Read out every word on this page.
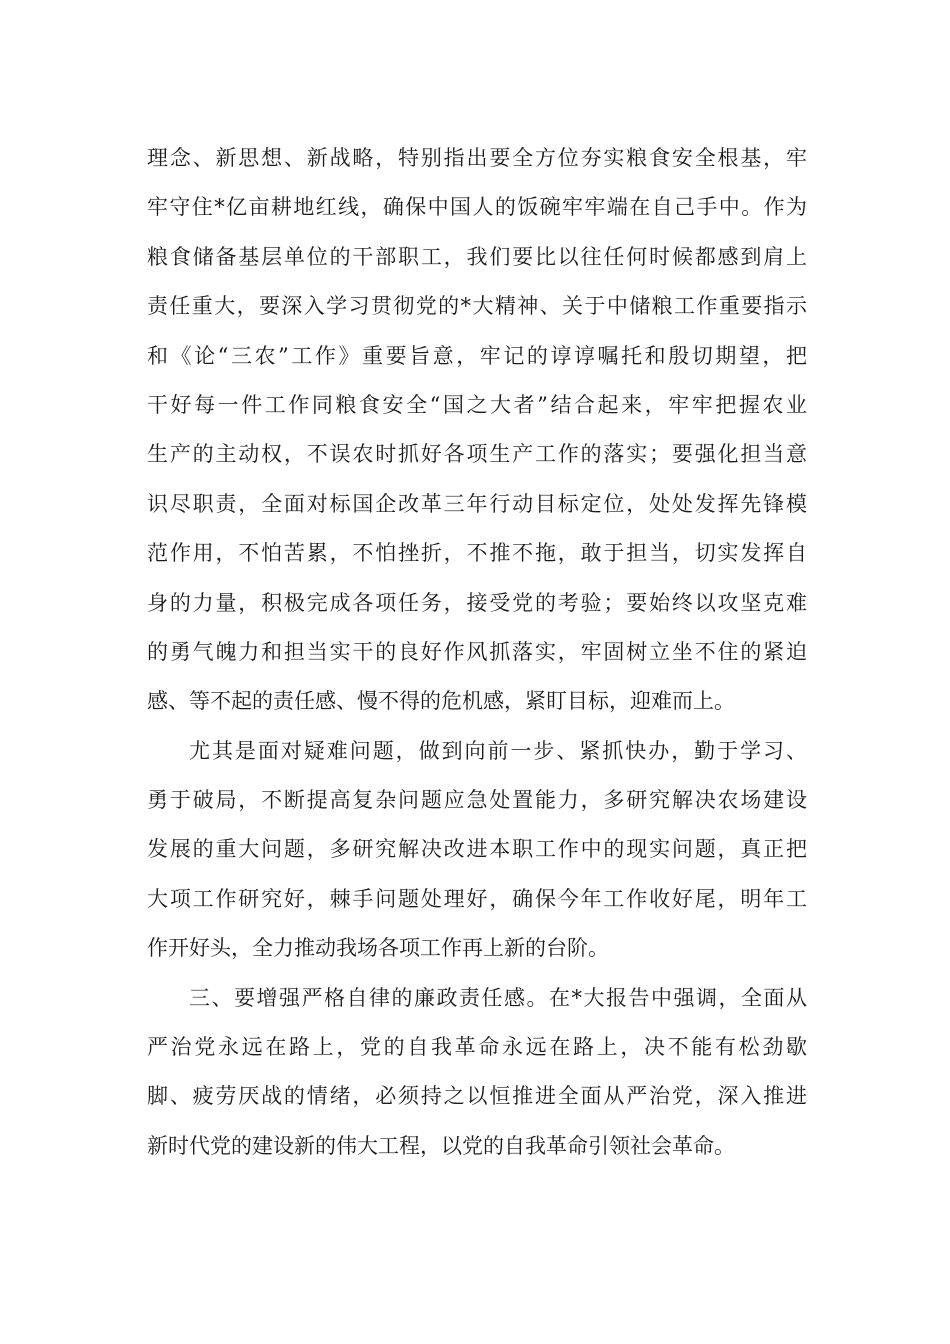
理念、新思想、新战略，特别指出要全方位夯实粮食安全根基，牢
牢守住*亿亩耕地红线，确保中国人的饭碗牢牢端在自己手中。作为
粮食储备基层单位的干部职工，我们要比以往任何时候都感到肩上
责任重大，要深入学习贯彻党的*大精神、关于中储粮工作重要指示
和《论“三农”工作》重要旨意，牢记的谆谆嘱托和殷切期望，把
干好每一件工作同粮食安全“国之大者”结合起来，牢牢把握农业
生产的主动权，不误农时抓好各项生产工作的落实；要强化担当意
识尽职责，全面对标国企改革三年行动目标定位，处处发挥先锋模
范作用，不怕苦累，不怕挫折，不推不拖，敢于担当，切实发挥自
身的力量，积极完成各项任务，接受党的考验；要始终以攻坚克难
的勇气魄力和担当实干的良好作风抓落实，牢固树立坐不住的紧迫
感、等不起的责任感、慢不得的危机感，紧盯目标，迎难而上。
尤其是面对疑难问题，做到向前一步、紧抓快办，勤于学习、
勇于破局，不断提高复杂问题应急处置能力，多研究解决农场建设
发展的重大问题，多研究解决改进本职工作中的现实问题，真正把
大项工作研究好，棘手问题处理好，确保今年工作收好尾，明年工
作开好头，全力推动我场各项工作再上新的台阶。
三、要增强严格自律的廉政责任感。在*大报告中强调，全面从
严治党永远在路上，党的自我革命永远在路上，决不能有松劲歇
脚、疲劳厌战的情绪，必须持之以恒推进全面从严治党，深入推进
新时代党的建设新的伟大工程，以党的自我革命引领社会革命。
